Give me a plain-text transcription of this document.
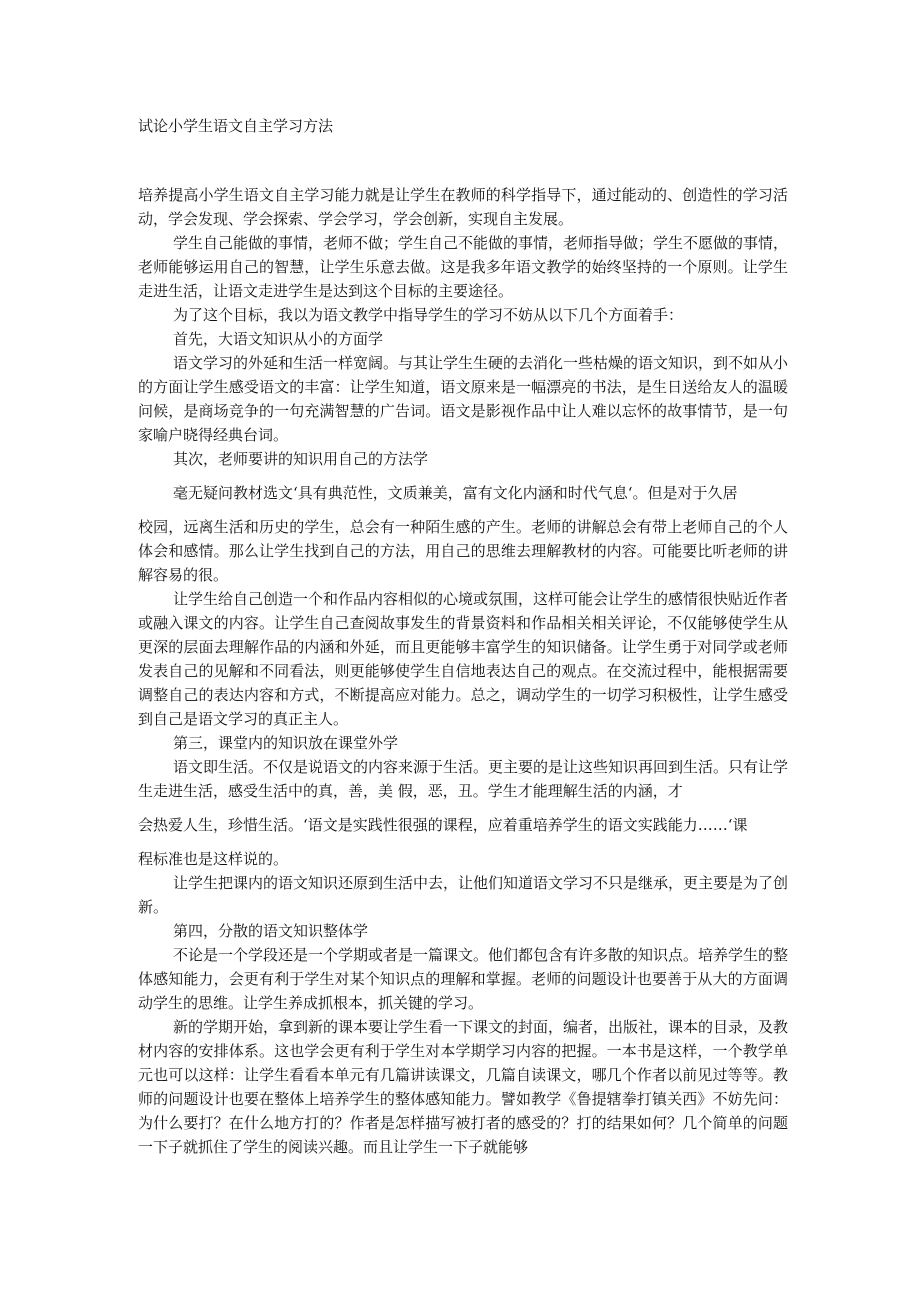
试论小学生语文自主学习方法

培养提高小学生语文自主学习能力就是让学生在教师的科学指导下，通过能动的、创造性的学习活动，学会发现、学会探索、学会学习，学会创新，实现自主发展。

学生自己能做的事情，老师不做；学生自己不能做的事情，老师指导做；学生不愿做的事情，老师能够运用自己的智慧，让学生乐意去做。这是我多年语文教学的始终坚持的一个原则。让学生走进生活，让语文走进学生是达到这个目标的主要途径。

为了这个目标，我以为语文教学中指导学生的学习不妨从以下几个方面着手：

首先，大语文知识从小的方面学

语文学习的外延和生活一样宽阔。与其让学生生硬的去消化一些枯燥的语文知识，到不如从小的方面让学生感受语文的丰富：让学生知道，语文原来是一幅漂亮的书法，是生日送给友人的温暖问候，是商场竞争的一句充满智慧的广告词。语文是影视作品中让人难以忘怀的故事情节，是一句家喻户晓得经典台词。

其次，老师要讲的知识用自己的方法学

毫无疑问教材选文‘具有典范性，文质兼美，富有文化内涵和时代气息‘。但是对于久居

校园，远离生活和历史的学生，总会有一种陌生感的产生。老师的讲解总会有带上老师自己的个人体会和感情。那么让学生找到自己的方法，用自己的思维去理解教材的内容。可能要比听老师的讲解容易的很。

让学生给自己创造一个和作品内容相似的心境或氛围，这样可能会让学生的感情很快贴近作者或融入课文的内容。让学生自己查阅故事发生的背景资料和作品相关相关评论，不仅能够使学生从更深的层面去理解作品的内涵和外延，而且更能够丰富学生的知识储备。让学生勇于对同学或老师发表自己的见解和不同看法，则更能够使学生自信地表达自己的观点。在交流过程中，能根据需要调整自己的表达内容和方式，不断提高应对能力。总之，调动学生的一切学习积极性，让学生感受到自己是语文学习的真正主人。

第三，课堂内的知识放在课堂外学

语文即生活。不仅是说语文的内容来源于生活。更主要的是让这些知识再回到生活。只有让学生走进生活，感受生活中的真，善，美 假，恶，丑。学生才能理解生活的内涵，才

会热爱人生，珍惜生活。‘语文是实践性很强的课程，应着重培养学生的语文实践能力……‘课

程标准也是这样说的。

让学生把课内的语文知识还原到生活中去，让他们知道语文学习不只是继承，更主要是为了创新。

第四，分散的语文知识整体学

不论是一个学段还是一个学期或者是一篇课文。他们都包含有许多散的知识点。培养学生的整体感知能力，会更有利于学生对某个知识点的理解和掌握。老师的问题设计也要善于从大的方面调动学生的思维。让学生养成抓根本，抓关键的学习。

新的学期开始，拿到新的课本要让学生看一下课文的封面，编者，出版社，课本的目录，及教材内容的安排体系。这也学会更有利于学生对本学期学习内容的把握。一本书是这样，一个教学单元也可以这样：让学生看看本单元有几篇讲读课文，几篇自读课文，哪几个作者以前见过等等。教师的问题设计也要在整体上培养学生的整体感知能力。譬如教学《鲁提辖拳打镇关西》不妨先问：为什么要打？在什么地方打的？作者是怎样描写被打者的感受的？打的结果如何？几个简单的问题一下子就抓住了学生的阅读兴趣。而且让学生一下子就能够
